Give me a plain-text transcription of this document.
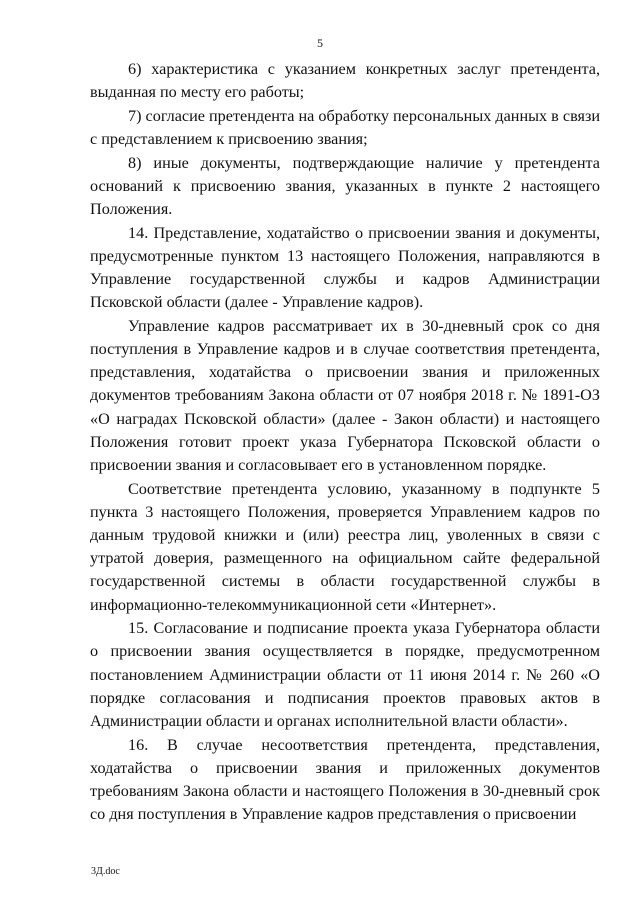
5

6) характеристика с указанием конкретных заслуг претендента, выданная по месту его работы;

7) согласие претендента на обработку персональных данных в связи с представлением к присвоению звания;

8) иные документы, подтверждающие наличие у претендента оснований к присвоению звания, указанных в пункте 2 настоящего Положения.

14. Представление, ходатайство о присвоении звания и документы, предусмотренные пунктом 13 настоящего Положения, направляются в Управление государственной службы и кадров Администрации Псковской области (далее - Управление кадров).

Управление кадров рассматривает их в 30-дневный срок со дня поступления в Управление кадров и в случае соответствия претендента, представления, ходатайства о присвоении звания и приложенных документов требованиям Закона области от 07 ноября 2018 г. № 1891-ОЗ «О наградах Псковской области» (далее - Закон области) и настоящего Положения готовит проект указа Губернатора Псковской области о присвоении звания и согласовывает его в установленном порядке.

Соответствие претендента условию, указанному в подпункте 5 пункта 3 настоящего Положения, проверяется Управлением кадров по данным трудовой книжки и (или) реестра лиц, уволенных в связи с утратой доверия, размещенного на официальном сайте федеральной государственной системы в области государственной службы в информационно-телекоммуникационной сети «Интернет».

15. Согласование и подписание проекта указа Губернатора области о присвоении звания осуществляется в порядке, предусмотренном постановлением Администрации области от 11 июня 2014 г. № 260 «О порядке согласования и подписания проектов правовых актов в Администрации области и органах исполнительной власти области».

16. В случае несоответствия претендента, представления, ходатайства о присвоении звания и приложенных документов требованиям Закона области и настоящего Положения в 30-дневный срок со дня поступления в Управление кадров представления о присвоении

3Д.doc
